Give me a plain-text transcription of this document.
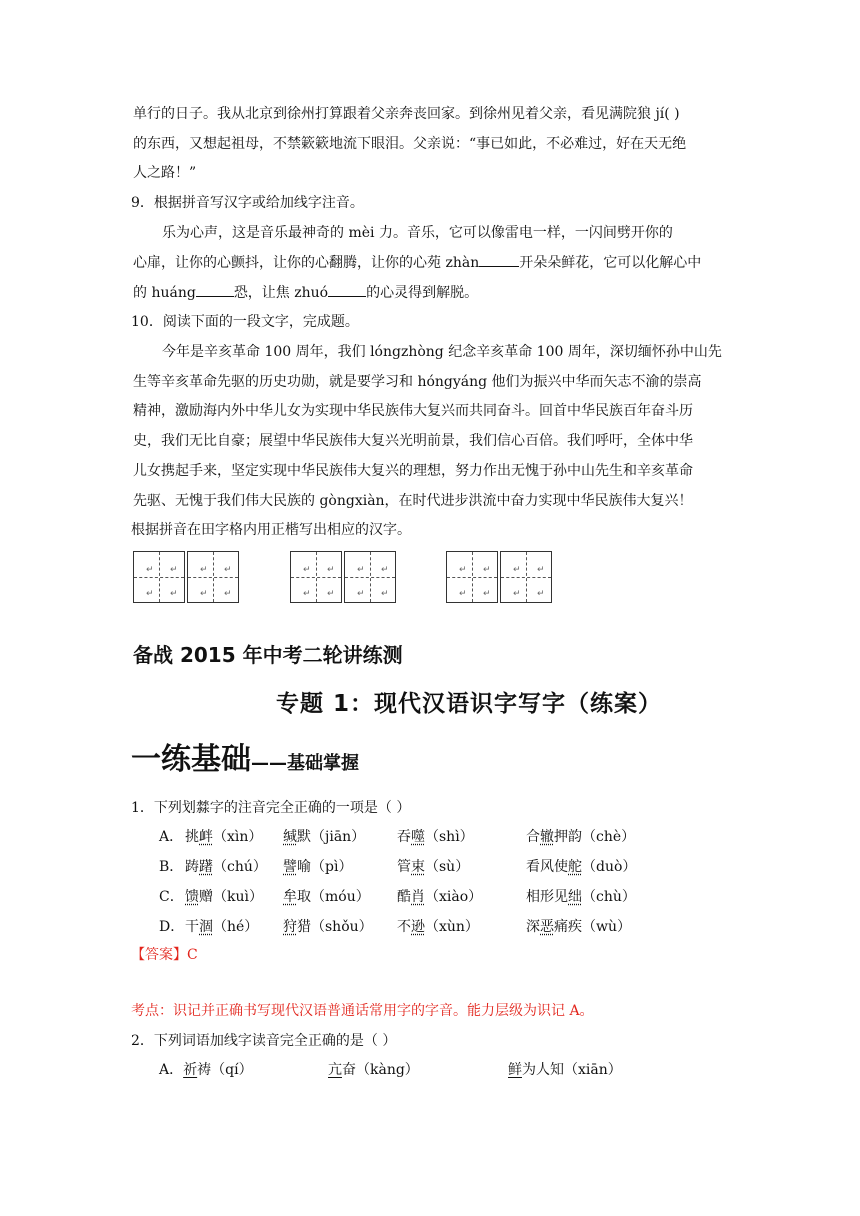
单行的日子。我从北京到徐州打算跟着父亲奔丧回家。到徐州见着父亲，看见满院狼 jí( )
的东西，又想起祖母，不禁簌簌地流下眼泪。父亲说：“事已如此，不必难过，好在天无绝
人之路！”
9．根据拼音写汉字或给加线字注音。
乐为心声，这是音乐最神奇的 mèi 力。音乐，它可以像雷电一样，一闪间劈开你的
心扉，让你的心颤抖，让你的心翻腾，让你的心苑 zhàn	开朵朵鲜花，它可以化解心中
的 huáng	恐，让焦 zhuó	的心灵得到解脱。
10．阅读下面的一段文字，完成题。
今年是辛亥革命 100 周年，我们 lóngzhòng 纪念辛亥革命 100 周年，深切缅怀孙中山先
生等辛亥革命先驱的历史功勋，就是要学习和 hóngyáng 他们为振兴中华而矢志不渝的崇高
精神，激励海内外中华儿女为实现中华民族伟大复兴而共同奋斗。回首中华民族百年奋斗历
史，我们无比自豪；展望中华民族伟大复兴光明前景，我们信心百倍。我们呼吁，全体中华
儿女携起手来，坚定实现中华民族伟大复兴的理想，努力作出无愧于孙中山先生和辛亥革命
先驱、无愧于我们伟大民族的 gòngxiàn，在时代进步洪流中奋力实现中华民族伟大复兴！
根据拼音在田字格内用正楷写出相应的汉字。
↵ ↵
↵ ↵
↵ ↵
↵ ↵
↵ ↵
↵ ↵
↵ ↵
↵ ↵
↵ ↵
↵ ↵
↵ ↵
↵ ↵
备战 2015 年中考二轮讲练测
专题 1：现代汉语识字写字（练案）
一练基础——基础掌握
1．下列划㵘字的注音完全正确的一项是（ ）
A． 挑衅（xìn） 缄默（jiān） 吞噬（shì）	合辙押韵（chè）
B． 踌躇（chú） 譬喻（pì）	管束（sù）	看风使舵（duò）
C． 馈赠（kuì） 牟取（móu） 酷肖（xiào）	相形见绌（chù）
D． 干涸（hé） 狩猎（shǒu） 不逊（xùn）	深恶痛疾（wù）
【答案】C
考点：识记并正确书写现代汉语普通话常用字的字音。能力层级为识记 A。
2．下列词语加线字读音完全正确的是（ ）
A．祈祷（qí）	亢奋（kàng）	鲜为人知（xiān）
